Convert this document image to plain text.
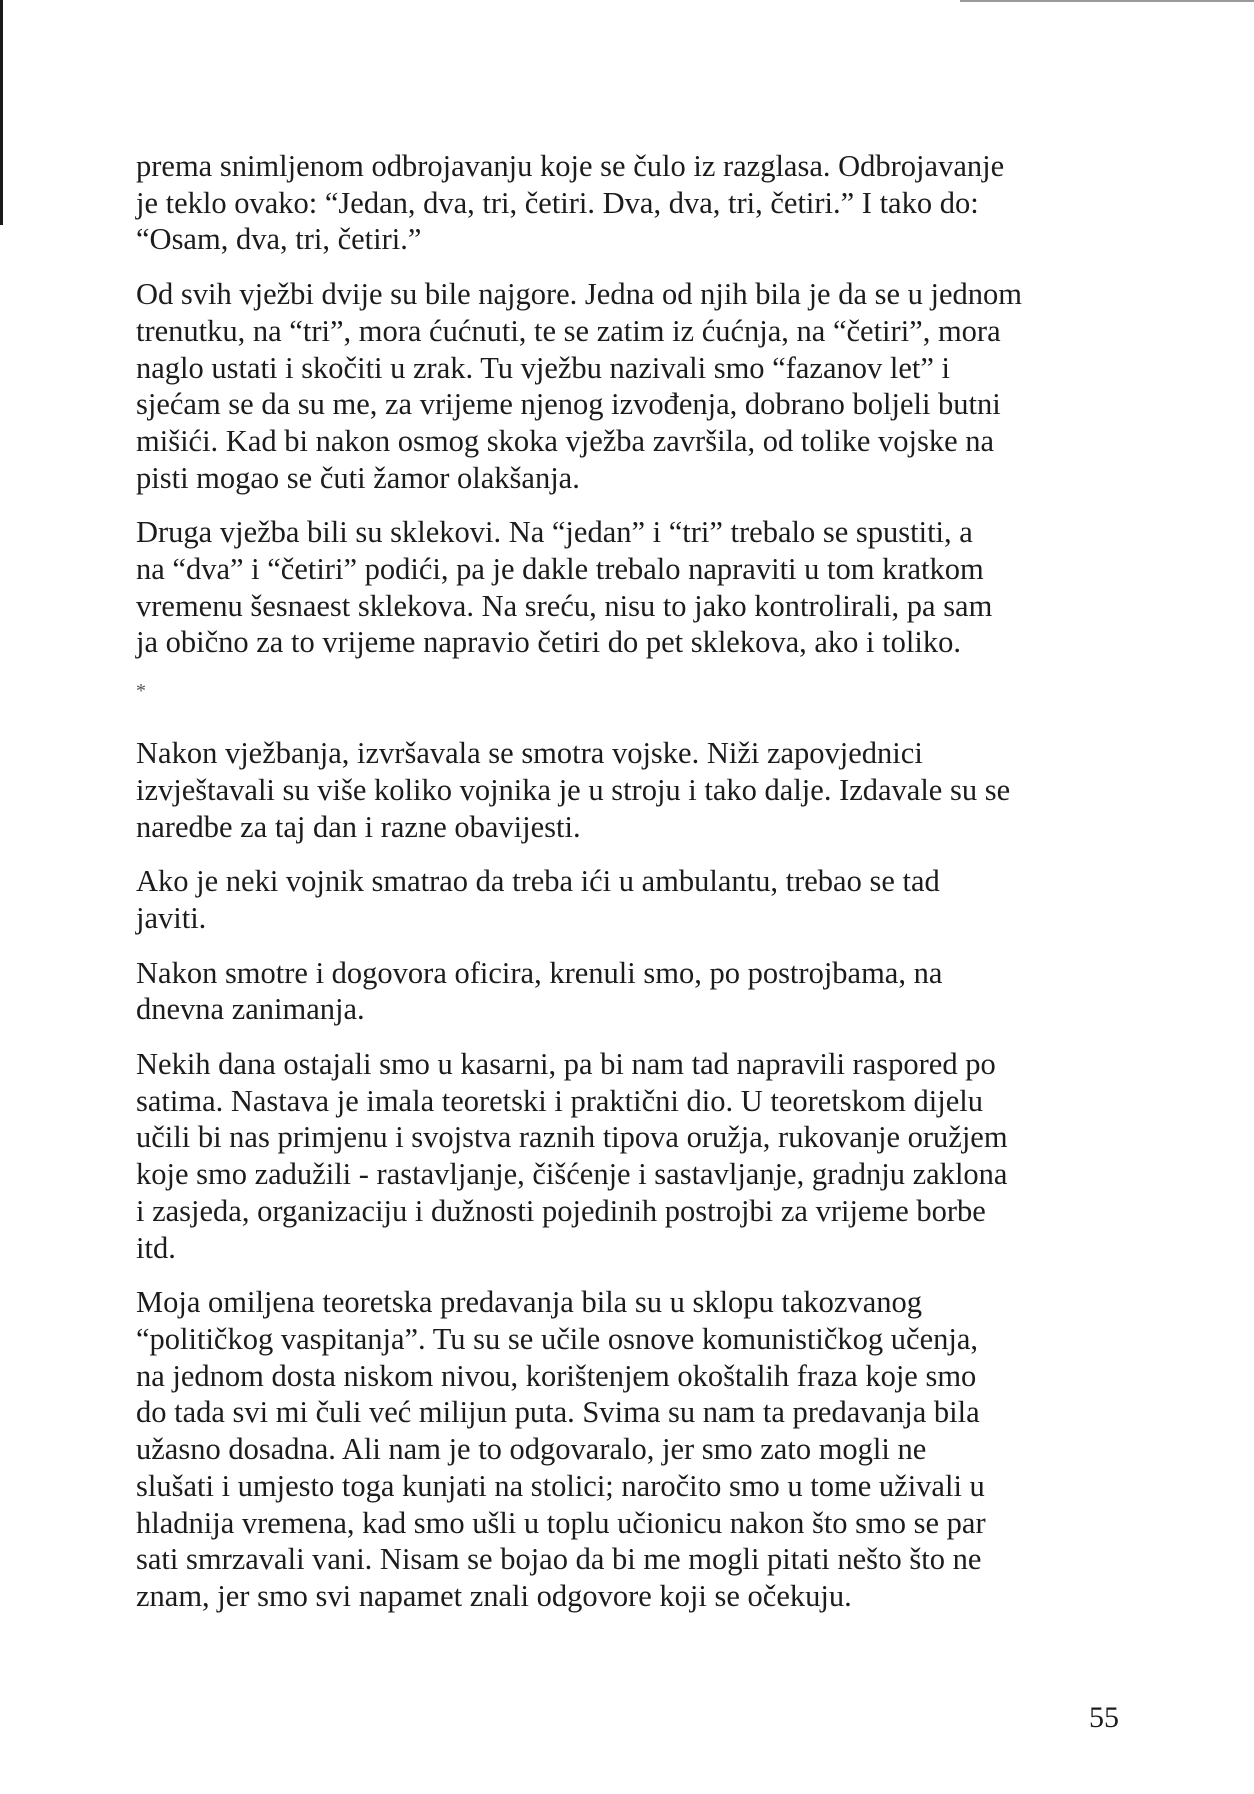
prema snimljenom odbrojavanju koje se čulo iz razglasa. Odbrojavanje
je teklo ovako: “Jedan, dva, tri, četiri. Dva, dva, tri, četiri.” I tako do:
“Osam, dva, tri, četiri.”

Od svih vježbi dvije su bile najgore. Jedna od njih bila je da se u jednom
trenutku, na “tri”, mora ćućnuti, te se zatim iz ćućnja, na “četiri”, mora
naglo ustati i skočiti u zrak. Tu vježbu nazivali smo “fazanov let” i
sjećam se da su me, za vrijeme njenog izvođenja, dobrano boljeli butni
mišići. Kad bi nakon osmog skoka vježba završila, od tolike vojske na
pisti mogao se čuti žamor olakšanja.

Druga vježba bili su sklekovi. Na “jedan” i “tri” trebalo se spustiti, a
na “dva” i “četiri” podići, pa je dakle trebalo napraviti u tom kratkom
vremenu šesnaest sklekova. Na sreću, nisu to jako kontrolirali, pa sam
ja obično za to vrijeme napravio četiri do pet sklekova, ako i toliko.

*

Nakon vježbanja, izvršavala se smotra vojske. Niži zapovjednici
izvještavali su više koliko vojnika je u stroju i tako dalje. Izdavale su se
naredbe za taj dan i razne obavijesti.

Ako je neki vojnik smatrao da treba ići u ambulantu, trebao se tad
javiti.

Nakon smotre i dogovora oficira, krenuli smo, po postrojbama, na
dnevna zanimanja.

Nekih dana ostajali smo u kasarni, pa bi nam tad napravili raspored po
satima. Nastava je imala teoretski i praktični dio. U teoretskom dijelu
učili bi nas primjenu i svojstva raznih tipova oružja, rukovanje oružjem
koje smo zadužili - rastavljanje, čišćenje i sastavljanje, gradnju zaklona
i zasjeda, organizaciju i dužnosti pojedinih postrojbi za vrijeme borbe
itd.

Moja omiljena teoretska predavanja bila su u sklopu takozvanog
“političkog vaspitanja”. Tu su se učile osnove komunističkog učenja,
na jednom dosta niskom nivou, korištenjem okoštalih fraza koje smo
do tada svi mi čuli već milijun puta. Svima su nam ta predavanja bila
užasno dosadna. Ali nam je to odgovaralo, jer smo zato mogli ne
slušati i umjesto toga kunjati na stolici; naročito smo u tome uživali u
hladnija vremena, kad smo ušli u toplu učionicu nakon što smo se par
sati smrzavali vani. Nisam se bojao da bi me mogli pitati nešto što ne
znam, jer smo svi napamet znali odgovore koji se očekuju.

55
